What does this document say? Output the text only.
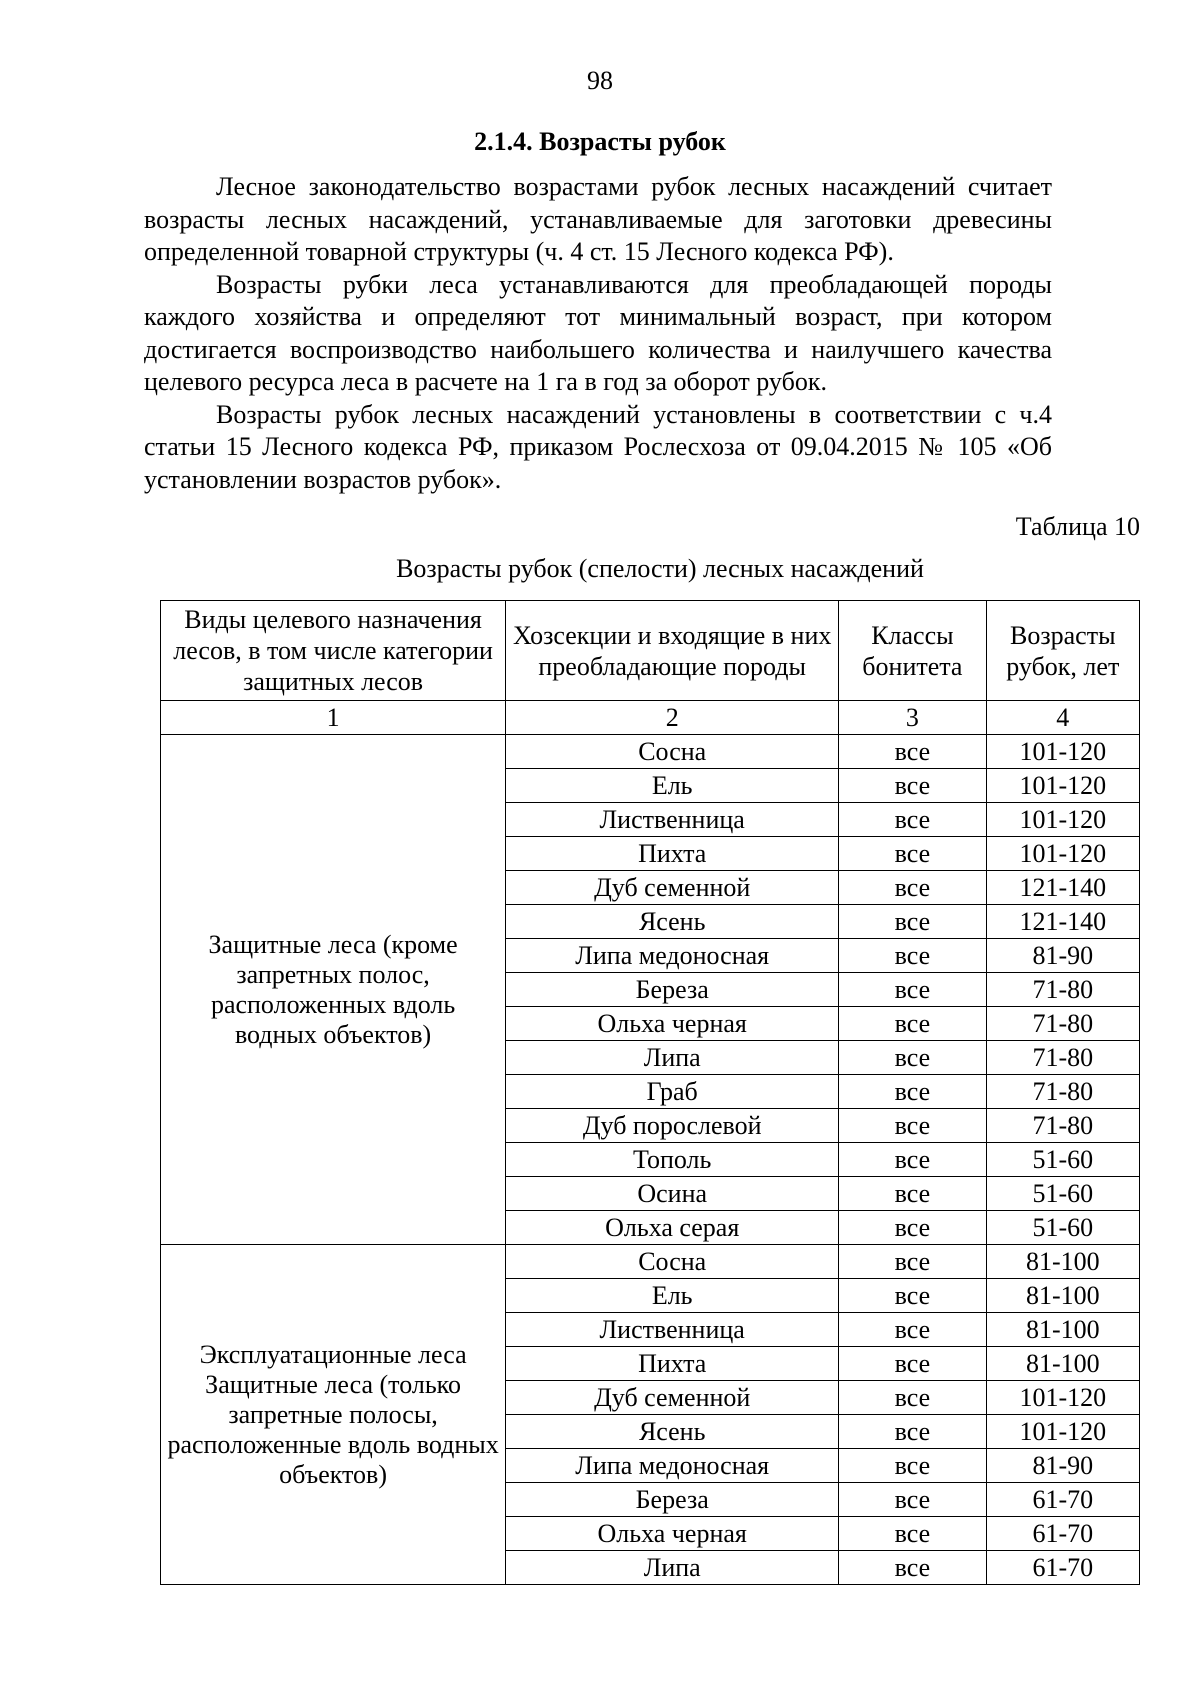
98
2.1.4. Возрасты рубок

Лесное законодательство возрастами рубок лесных насаждений считает возрасты лесных насаждений, устанавливаемые для заготовки древесины определенной товарной структуры (ч. 4 ст. 15 Лесного кодекса РФ).

Возрасты рубки леса устанавливаются для преобладающей породы каждого хозяйства и определяют тот минимальный возраст, при котором достигается воспроизводство наибольшего количества и наилучшего качества целевого ресурса леса в расчете на 1 га в год за оборот рубок.

Возрасты рубок лесных насаждений установлены в соответствии с ч.4 статьи 15 Лесного кодекса РФ, приказом Рослесхоза от 09.04.2015 № 105 «Об установлении возрастов рубок».

Таблица 10
Возрасты рубок (спелости) лесных насаждений
Виды целевого назначения лесов, в том числе категории защитных лесов	Хозсекции и входящие в них преобладающие породы	Классы бонитета	Возрасты рубок, лет
1	2	3	4
Защитные леса (кроме запретных полос, расположенных вдоль водных объектов)	Сосна	все	101-120
	Ель	все	101-120
	Лиственница	все	101-120
	Пихта	все	101-120
	Дуб семенной	все	121-140
	Ясень	все	121-140
	Липа медоносная	все	81-90
	Береза	все	71-80
	Ольха черная	все	71-80
	Липа	все	71-80
	Граб	все	71-80
	Дуб порослевой	все	71-80
	Тополь	все	51-60
	Осина	все	51-60
	Ольха серая	все	51-60
Эксплуатационные леса Защитные леса (только запретные полосы, расположенные вдоль водных объектов)	Сосна	все	81-100
	Ель	все	81-100
	Лиственница	все	81-100
	Пихта	все	81-100
	Дуб семенной	все	101-120
	Ясень	все	101-120
	Липа медоносная	все	81-90
	Береза	все	61-70
	Ольха черная	все	61-70
	Липа	все	61-70
